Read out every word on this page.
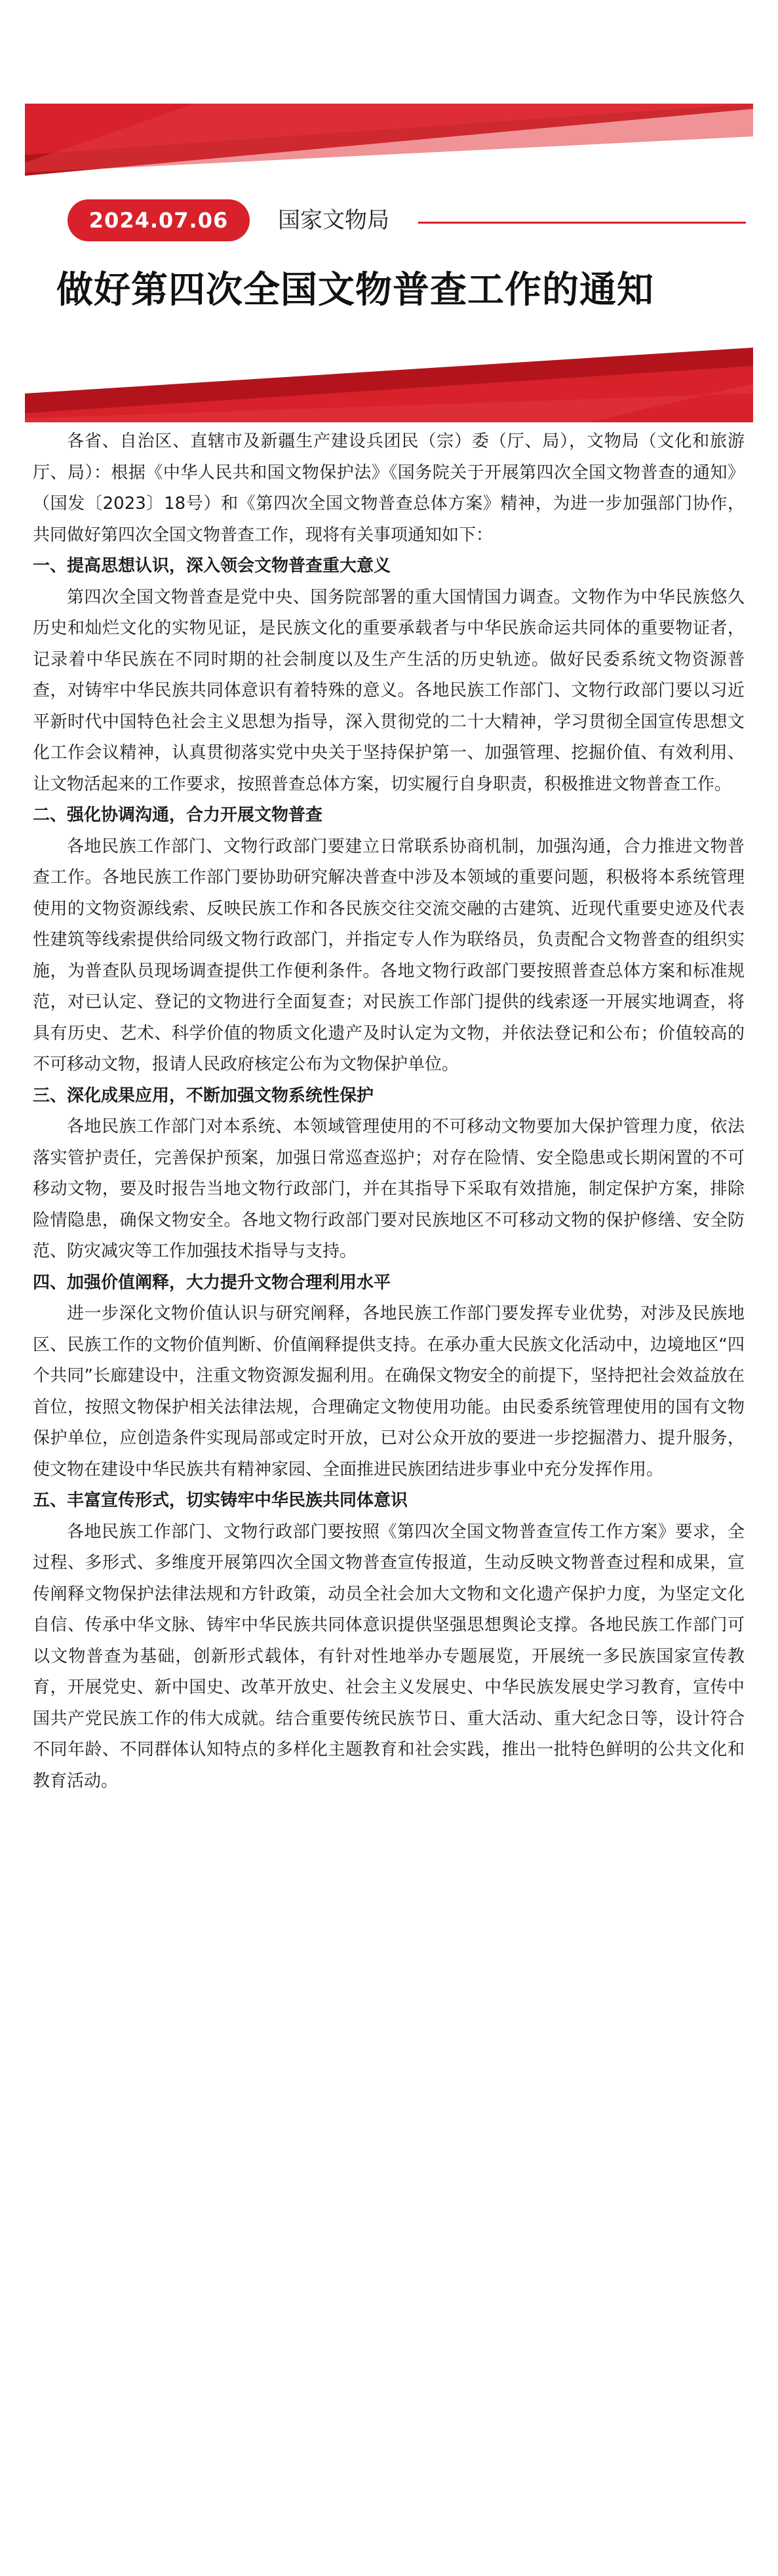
2024.07.06	国家文物局
做好第四次全国文物普查工作的通知

各省、自治区、直辖市及新疆生产建设兵团民（宗）委（厅、局），文物局（文化和旅游厅、局）：根据《中华人民共和国文物保护法》《国务院关于开展第四次全国文物普查的通知》（国发〔2023〕18号）和《第四次全国文物普查总体方案》精神，为进一步加强部门协作，共同做好第四次全国文物普查工作，现将有关事项通知如下：

一、提高思想认识，深入领会文物普查重大意义

第四次全国文物普查是党中央、国务院部署的重大国情国力调查。文物作为中华民族悠久历史和灿烂文化的实物见证，是民族文化的重要承载者与中华民族命运共同体的重要物证者，记录着中华民族在不同时期的社会制度以及生产生活的历史轨迹。做好民委系统文物资源普查，对铸牢中华民族共同体意识有着特殊的意义。各地民族工作部门、文物行政部门要以习近平新时代中国特色社会主义思想为指导，深入贯彻党的二十大精神，学习贯彻全国宣传思想文化工作会议精神，认真贯彻落实党中央关于坚持保护第一、加强管理、挖掘价值、有效利用、让文物活起来的工作要求，按照普查总体方案，切实履行自身职责，积极推进文物普查工作。

二、强化协调沟通，合力开展文物普查

各地民族工作部门、文物行政部门要建立日常联系协商机制，加强沟通，合力推进文物普查工作。各地民族工作部门要协助研究解决普查中涉及本领域的重要问题，积极将本系统管理使用的文物资源线索、反映民族工作和各民族交往交流交融的古建筑、近现代重要史迹及代表性建筑等线索提供给同级文物行政部门，并指定专人作为联络员，负责配合文物普查的组织实施，为普查队员现场调查提供工作便利条件。各地文物行政部门要按照普查总体方案和标准规范，对已认定、登记的文物进行全面复查；对民族工作部门提供的线索逐一开展实地调查，将具有历史、艺术、科学价值的物质文化遗产及时认定为文物，并依法登记和公布；价值较高的不可移动文物，报请人民政府核定公布为文物保护单位。

三、深化成果应用，不断加强文物系统性保护

各地民族工作部门对本系统、本领域管理使用的不可移动文物要加大保护管理力度，依法落实管护责任，完善保护预案，加强日常巡查巡护；对存在险情、安全隐患或长期闲置的不可移动文物，要及时报告当地文物行政部门，并在其指导下采取有效措施，制定保护方案，排除险情隐患，确保文物安全。各地文物行政部门要对民族地区不可移动文物的保护修缮、安全防范、防灾减灾等工作加强技术指导与支持。

四、加强价值阐释，大力提升文物合理利用水平

进一步深化文物价值认识与研究阐释，各地民族工作部门要发挥专业优势，对涉及民族地区、民族工作的文物价值判断、价值阐释提供支持。在承办重大民族文化活动中，边境地区“四个共同”长廊建设中，注重文物资源发掘利用。在确保文物安全的前提下，坚持把社会效益放在首位，按照文物保护相关法律法规，合理确定文物使用功能。由民委系统管理使用的国有文物保护单位，应创造条件实现局部或定时开放，已对公众开放的要进一步挖掘潜力、提升服务，使文物在建设中华民族共有精神家园、全面推进民族团结进步事业中充分发挥作用。

五、丰富宣传形式，切实铸牢中华民族共同体意识

各地民族工作部门、文物行政部门要按照《第四次全国文物普查宣传工作方案》要求，全过程、多形式、多维度开展第四次全国文物普查宣传报道，生动反映文物普查过程和成果，宣传阐释文物保护法律法规和方针政策，动员全社会加大文物和文化遗产保护力度，为坚定文化自信、传承中华文脉、铸牢中华民族共同体意识提供坚强思想舆论支撑。各地民族工作部门可以文物普查为基础，创新形式载体，有针对性地举办专题展览，开展统一多民族国家宣传教育，开展党史、新中国史、改革开放史、社会主义发展史、中华民族发展史学习教育，宣传中国共产党民族工作的伟大成就。结合重要传统民族节日、重大活动、重大纪念日等，设计符合不同年龄、不同群体认知特点的多样化主题教育和社会实践，推出一批特色鲜明的公共文化和教育活动。
